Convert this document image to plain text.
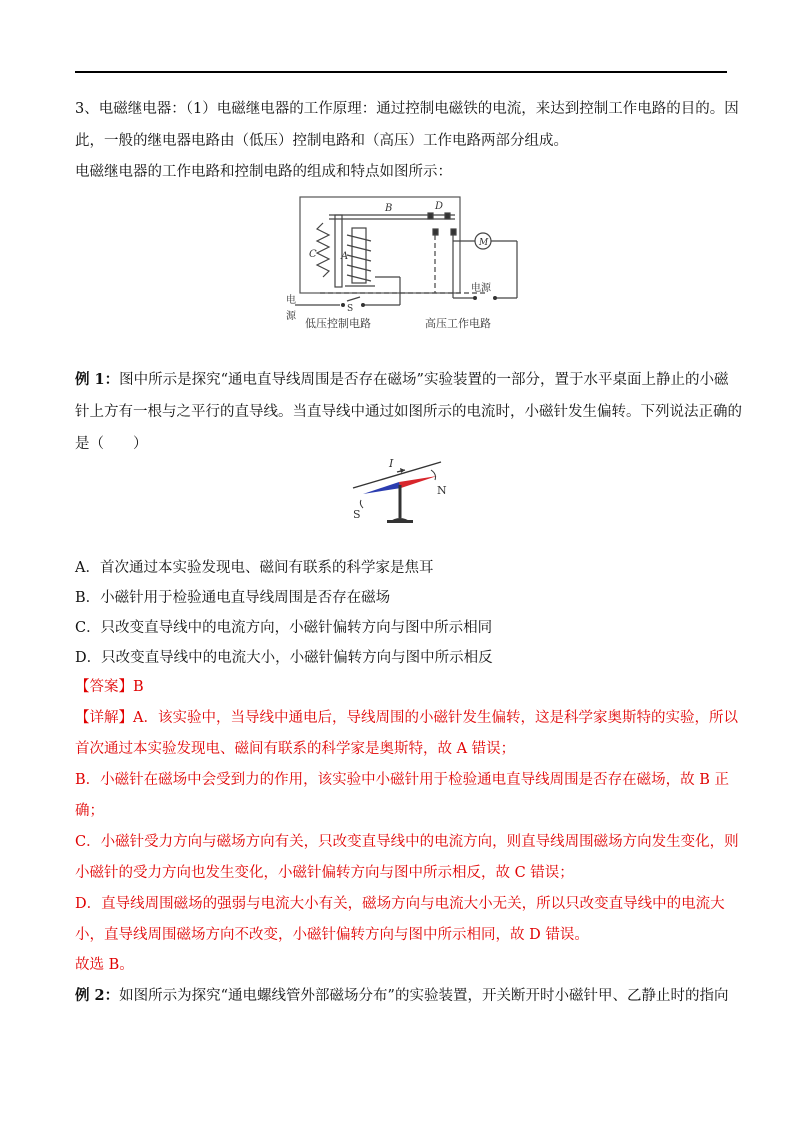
3、电磁继电器：（1）电磁继电器的工作原理：通过控制电磁铁的电流，来达到控制工作电路的目的。因
此，一般的继电器电路由（低压）控制电路和（高压）工作电路两部分组成。
电磁继电器的工作电路和控制电路的组成和特点如图所示：
B	D
C A
M
S
电
源
电源
低压控制电路	高压工作电路
例 1：图中所示是探究“通电直导线周围是否存在磁场”实验装置的一部分，置于水平桌面上静止的小磁
针上方有一根与之平行的直导线。当直导线中通过如图所示的电流时，小磁针发生偏转。下列说法正确的
是（　　）
I
N
S
A．首次通过本实验发现电、磁间有联系的科学家是焦耳
B．小磁针用于检验通电直导线周围是否存在磁场
C．只改变直导线中的电流方向，小磁针偏转方向与图中所示相同
D．只改变直导线中的电流大小，小磁针偏转方向与图中所示相反
【答案】B
【详解】A．该实验中，当导线中通电后，导线周围的小磁针发生偏转，这是科学家奥斯特的实验，所以
首次通过本实验发现电、磁间有联系的科学家是奥斯特，故 A 错误；
B．小磁针在磁场中会受到力的作用，该实验中小磁针用于检验通电直导线周围是否存在磁场，故 B 正
确；
C．小磁针受力方向与磁场方向有关，只改变直导线中的电流方向，则直导线周围磁场方向发生变化，则
小磁针的受力方向也发生变化，小磁针偏转方向与图中所示相反，故 C 错误；
D．直导线周围磁场的强弱与电流大小有关，磁场方向与电流大小无关，所以只改变直导线中的电流大
小，直导线周围磁场方向不改变，小磁针偏转方向与图中所示相同，故 D 错误。
故选 B。
例 2：如图所示为探究“通电螺线管外部磁场分布”的实验装置，开关断开时小磁针甲、乙静止时的指向
